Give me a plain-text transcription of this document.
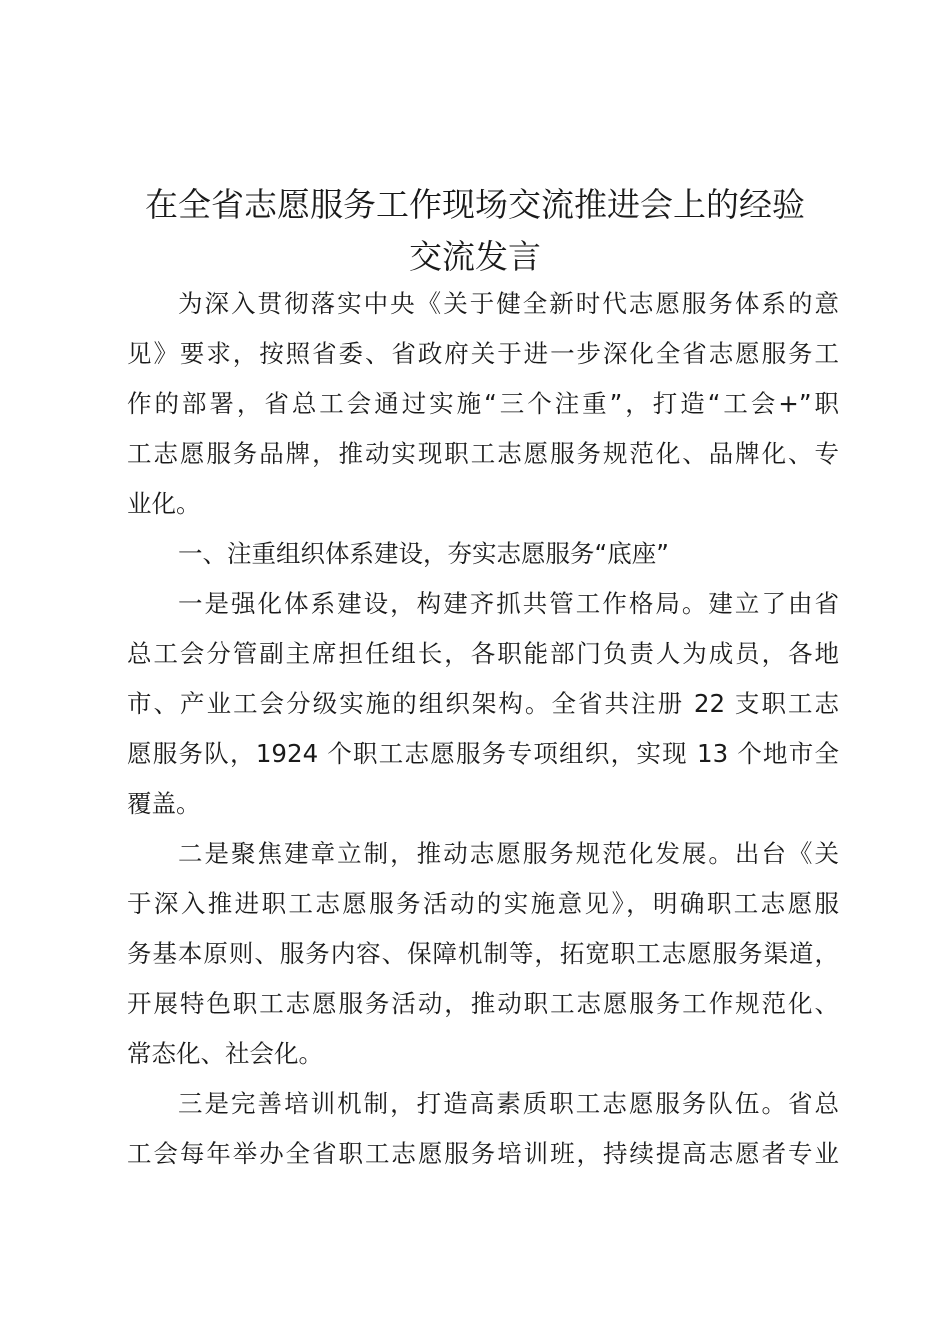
在全省志愿服务工作现场交流推进会上的经验
交流发言

为深入贯彻落实中央《关于健全新时代志愿服务体系的意

见》要求，按照省委、省政府关于进一步深化全省志愿服务工

作的部署，省总工会通过实施“三个注重”，打造“工会+”职

工志愿服务品牌，推动实现职工志愿服务规范化、品牌化、专

业化。

一、注重组织体系建设，夯实志愿服务“底座”

一是强化体系建设，构建齐抓共管工作格局。建立了由省

总工会分管副主席担任组长，各职能部门负责人为成员，各地

市、产业工会分级实施的组织架构。全省共注册 22 支职工志

愿服务队，1924 个职工志愿服务专项组织，实现 13 个地市全

覆盖。

二是聚焦建章立制，推动志愿服务规范化发展。出台《关

于深入推进职工志愿服务活动的实施意见》，明确职工志愿服

务基本原则、服务内容、保障机制等，拓宽职工志愿服务渠道，

开展特色职工志愿服务活动，推动职工志愿服务工作规范化、

常态化、社会化。

三是完善培训机制，打造高素质职工志愿服务队伍。省总

工会每年举办全省职工志愿服务培训班，持续提高志愿者专业
